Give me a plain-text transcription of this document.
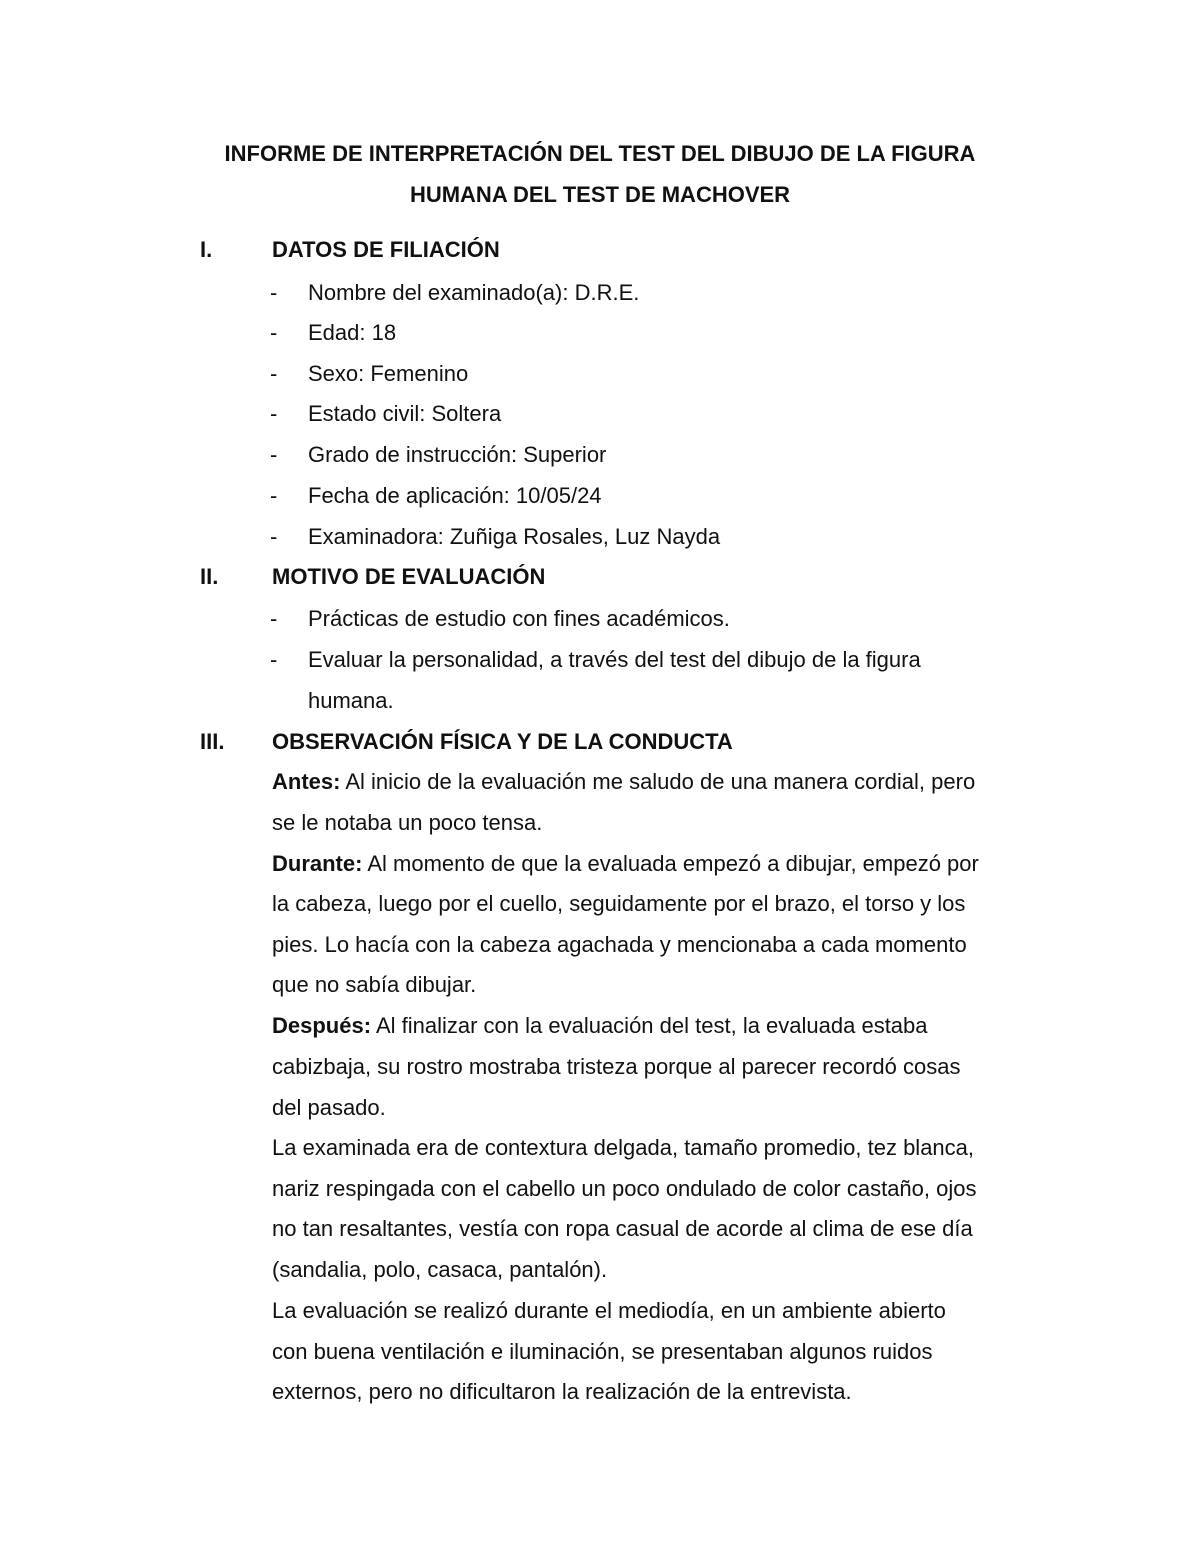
INFORME DE INTERPRETACIÓN DEL TEST DEL DIBUJO DE LA FIGURA
HUMANA DEL TEST DE MACHOVER
I.	DATOS DE FILIACIÓN
- Nombre del examinado(a): D.R.E.
- Edad: 18
- Sexo: Femenino
- Estado civil: Soltera
- Grado de instrucción: Superior
- Fecha de aplicación: 10/05/24
- Examinadora: Zuñiga Rosales, Luz Nayda
II. MOTIVO DE EVALUACIÓN
- Prácticas de estudio con fines académicos.
- Evaluar la personalidad, a través del test del dibujo de la figura
humana.
III. OBSERVACIÓN FÍSICA Y DE LA CONDUCTA
Antes: Al inicio de la evaluación me saludo de una manera cordial, pero
se le notaba un poco tensa.
Durante: Al momento de que la evaluada empezó a dibujar, empezó por
la cabeza, luego por el cuello, seguidamente por el brazo, el torso y los
pies. Lo hacía con la cabeza agachada y mencionaba a cada momento
que no sabía dibujar.
Después: Al finalizar con la evaluación del test, la evaluada estaba
cabizbaja, su rostro mostraba tristeza porque al parecer recordó cosas
del pasado.
La examinada era de contextura delgada, tamaño promedio, tez blanca,
nariz respingada con el cabello un poco ondulado de color castaño, ojos
no tan resaltantes, vestía con ropa casual de acorde al clima de ese día
(sandalia, polo, casaca, pantalón).
La evaluación se realizó durante el mediodía, en un ambiente abierto
con buena ventilación e iluminación, se presentaban algunos ruidos
externos, pero no dificultaron la realización de la entrevista.
